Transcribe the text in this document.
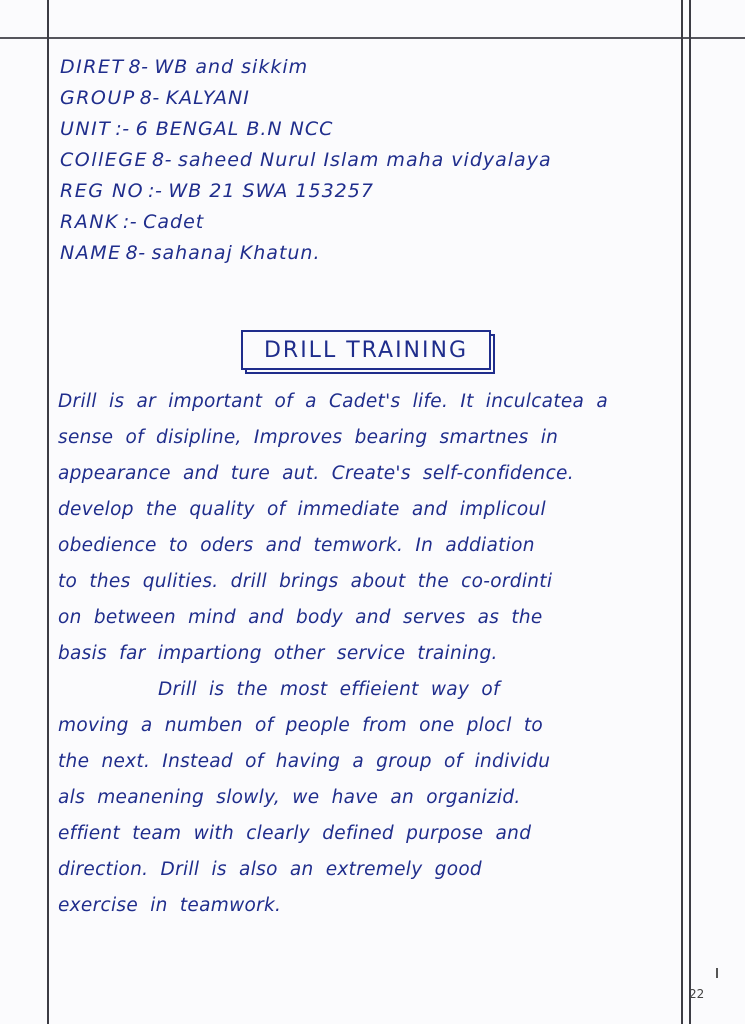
DIRET 8- WB and sikkim
GROUP 8- KALYANI
UNIT :- 6 BENGAL B.N NCC
COllEGE 8- saheed Nurul Islam maha vidyalaya
REG NO :- WB 21 SWA 153257
RANK :- Cadet
NAME 8- sahanaj Khatun.
DRILL TRAINING
Drill is ar important of a Cadet's life. It inculcatea a
sense of disipline, Improves bearing smartnes in
appearance and ture aut. Create's self-confidence.
develop the quality of immediate and implicoul
obedience to oders and temwork. In addiation
to thes qulities. drill brings about the co-ordinti
on between mind and body and serves as the
basis far impartiong other service training.
Drill is the most effieient way of
moving a numben of people from one plocl to
the next. Instead of having a group of individu
als meanening slowly, we have an organizid.
effient team with clearly defined purpose and
direction. Drill is also an extremely good
exercise in teamwork.
22
